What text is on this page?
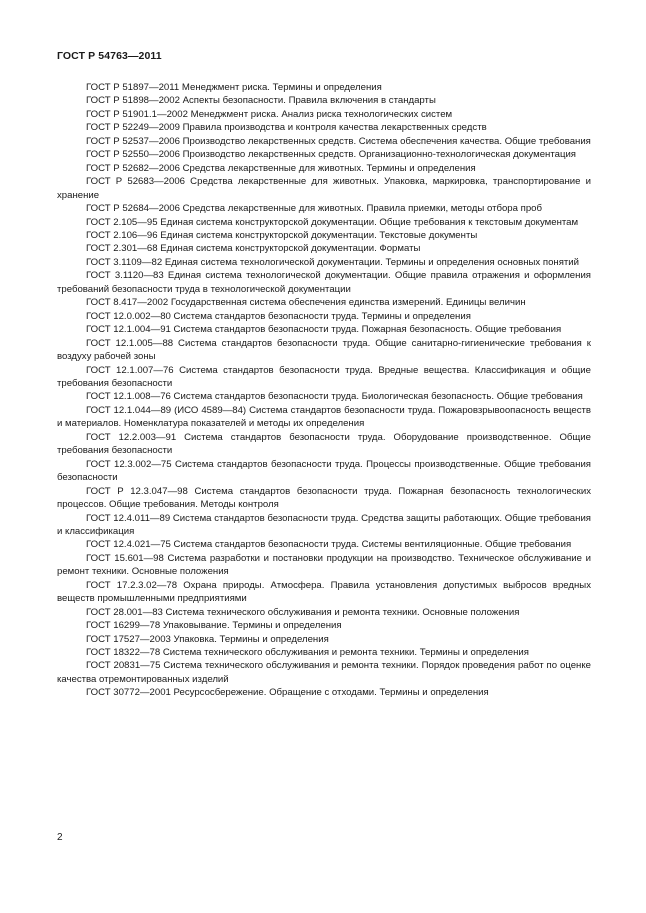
ГОСТ Р 54763—2011

ГОСТ Р 51897—2011 Менеджмент риска. Термины и определения

ГОСТ Р 51898—2002 Аспекты безопасности. Правила включения в стандарты

ГОСТ Р 51901.1—2002 Менеджмент риска. Анализ риска технологических систем

ГОСТ Р 52249—2009 Правила производства и контроля качества лекарственных средств

ГОСТ Р 52537—2006 Производство лекарственных средств. Система обеспечения качества. Общие требования

ГОСТ Р 52550—2006 Производство лекарственных средств. Организационно-технологическая документация

ГОСТ Р 52682—2006 Средства лекарственные для животных. Термины и определения

ГОСТ Р 52683—2006 Средства лекарственные для животных. Упаковка, маркировка, транспортирование и хранение

ГОСТ Р 52684—2006 Средства лекарственные для животных. Правила приемки, методы отбора проб

ГОСТ 2.105—95 Единая система конструкторской документации. Общие требования к текстовым документам

ГОСТ 2.106—96 Единая система конструкторской документации. Текстовые документы

ГОСТ 2.301—68 Единая система конструкторской документации. Форматы

ГОСТ 3.1109—82 Единая система технологической документации. Термины и определения основных понятий

ГОСТ 3.1120—83 Единая система технологической документации. Общие правила отражения и оформления требований безопасности труда в технологической документации

ГОСТ 8.417—2002 Государственная система обеспечения единства измерений. Единицы величин

ГОСТ 12.0.002—80 Система стандартов безопасности труда. Термины и определения

ГОСТ 12.1.004—91 Система стандартов безопасности труда. Пожарная безопасность. Общие требования

ГОСТ 12.1.005—88 Система стандартов безопасности труда. Общие санитарно-гигиенические требования к воздуху рабочей зоны

ГОСТ 12.1.007—76 Система стандартов безопасности труда. Вредные вещества. Классификация и общие требования безопасности

ГОСТ 12.1.008—76 Система стандартов безопасности труда. Биологическая безопасность. Общие требования

ГОСТ 12.1.044—89 (ИСО 4589—84) Система стандартов безопасности труда. Пожаровзрывоопасность веществ и материалов. Номенклатура показателей и методы их определения

ГОСТ 12.2.003—91 Система стандартов безопасности труда. Оборудование производственное. Общие требования безопасности

ГОСТ 12.3.002—75 Система стандартов безопасности труда. Процессы производственные. Общие требования безопасности

ГОСТ Р 12.3.047—98 Система стандартов безопасности труда. Пожарная безопасность технологических процессов. Общие требования. Методы контроля

ГОСТ 12.4.011—89 Система стандартов безопасности труда. Средства защиты работающих. Общие требования и классификация

ГОСТ 12.4.021—75 Система стандартов безопасности труда. Системы вентиляционные. Общие требования

ГОСТ 15.601—98 Система разработки и постановки продукции на производство. Техническое обслуживание и ремонт техники. Основные положения

ГОСТ 17.2.3.02—78 Охрана природы. Атмосфера. Правила установления допустимых выбросов вредных веществ промышленными предприятиями

ГОСТ 28.001—83 Система технического обслуживания и ремонта техники. Основные положения

ГОСТ 16299—78 Упаковывание. Термины и определения

ГОСТ 17527—2003 Упаковка. Термины и определения

ГОСТ 18322—78 Система технического обслуживания и ремонта техники. Термины и определения

ГОСТ 20831—75 Система технического обслуживания и ремонта техники. Порядок проведения работ по оценке качества отремонтированных изделий

ГОСТ 30772—2001 Ресурсосбережение. Обращение с отходами. Термины и определения

2
